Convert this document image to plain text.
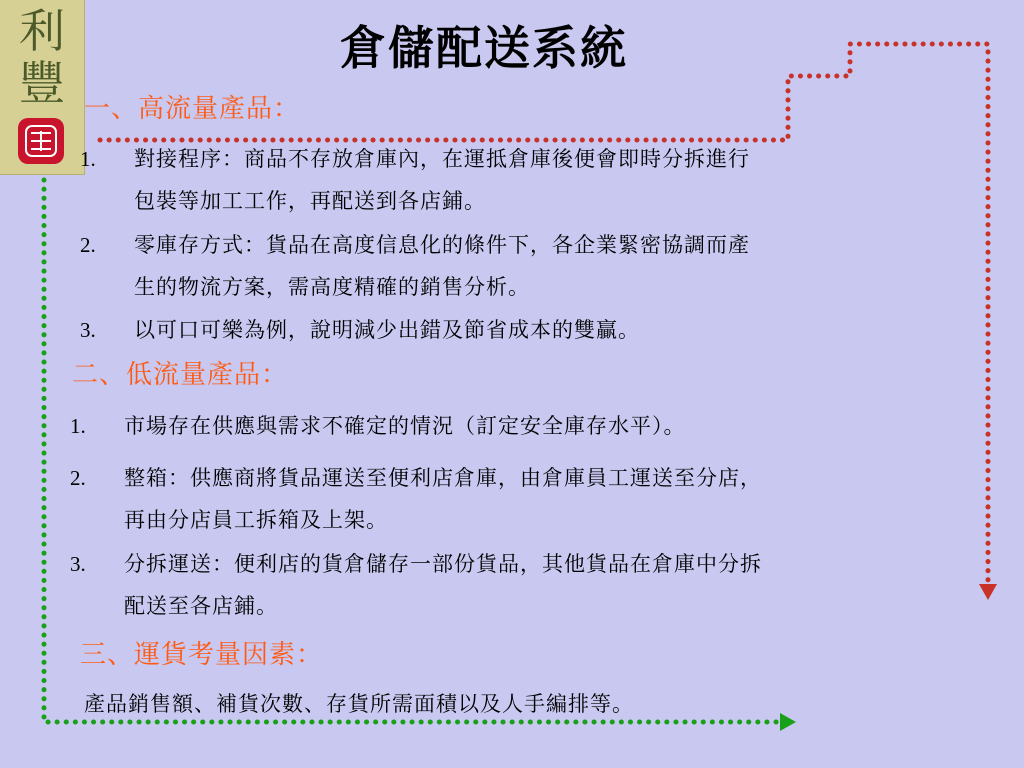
利
豐
倉儲配送系統
一、高流量產品：
1. 對接程序：商品不存放倉庫內，在運抵倉庫後便會即時分拆進行
包裝等加工工作，再配送到各店鋪。
2. 零庫存方式：貨品在高度信息化的條件下，各企業緊密協調而產
生的物流方案，需高度精確的銷售分析。
3. 以可口可樂為例，說明減少出錯及節省成本的雙贏。
二、低流量產品：
1. 市場存在供應與需求不確定的情況（訂定安全庫存水平）。
2. 整箱：供應商將貨品運送至便利店倉庫，由倉庫員工運送至分店，
再由分店員工拆箱及上架。
3. 分拆運送：便利店的貨倉儲存一部份貨品，其他貨品在倉庫中分拆
配送至各店鋪。
三、運貨考量因素：
產品銷售額、補貨次數、存貨所需面積以及人手編排等。
